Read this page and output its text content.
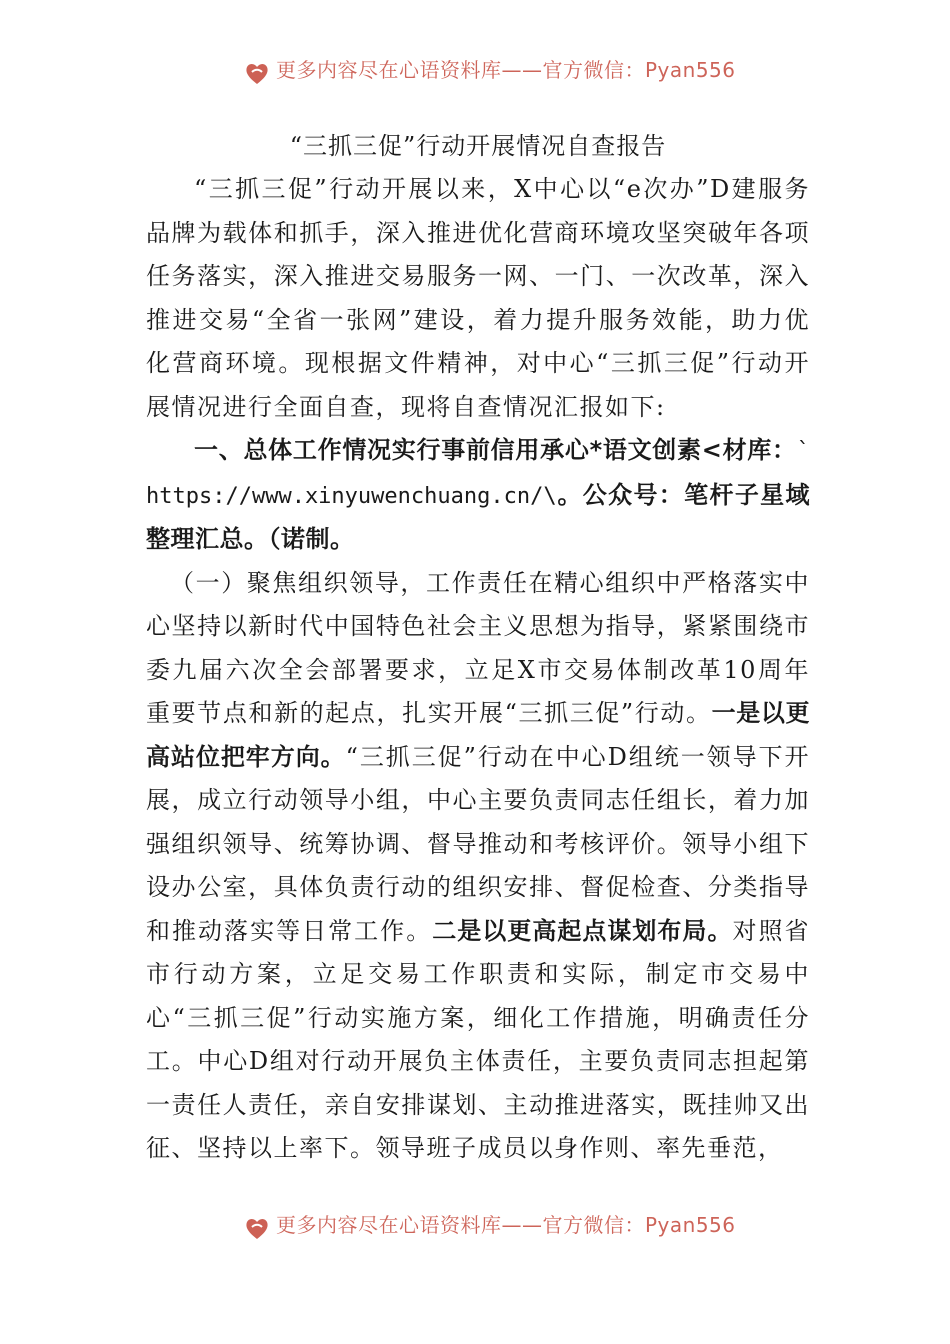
更多内容尽在心语资料库——官方微信：Pyan556

“三抓三促”行动开展情况自查报告

“三抓三促”行动开展以来，X中心以“e次办”D建服务品牌为载体和抓手，深入推进优化营商环境攻坚突破年各项任务落实，深入推进交易服务一网、一门、一次改革，深入推进交易“全省一张网”建设，着力提升服务效能，助力优化营商环境。现根据文件精神，对中心“三抓三促”行动开展情况进行全面自查，现将自查情况汇报如下:

一、总体工作情况实行事前信用承心*语文创素<材库：`https://www.xinyuwenchuang.cn/\。公众号：笔杆子星域整理汇总。（诺制。

（一）聚焦组织领导，工作责任在精心组织中严格落实中心坚持以新时代中国特色社会主义思想为指导，紧紧围绕市委九届六次全会部署要求，立足X市交易体制改革10周年重要节点和新的起点，扎实开展“三抓三促”行动。一是以更高站位把牢方向。“三抓三促”行动在中心D组统一领导下开展，成立行动领导小组，中心主要负责同志任组长，着力加强组织领导、统筹协调、督导推动和考核评价。领导小组下设办公室，具体负责行动的组织安排、督促检查、分类指导和推动落实等日常工作。二是以更高起点谋划布局。对照省市行动方案，立足交易工作职责和实际，制定市交易中心“三抓三促”行动实施方案，细化工作措施，明确责任分工。中心D组对行动开展负主体责任，主要负责同志担起第一责任人责任，亲自安排谋划、主动推进落实，既挂帅又出征、坚持以上率下。领导班子成员以身作则、率先垂范，

更多内容尽在心语资料库——官方微信：Pyan556
